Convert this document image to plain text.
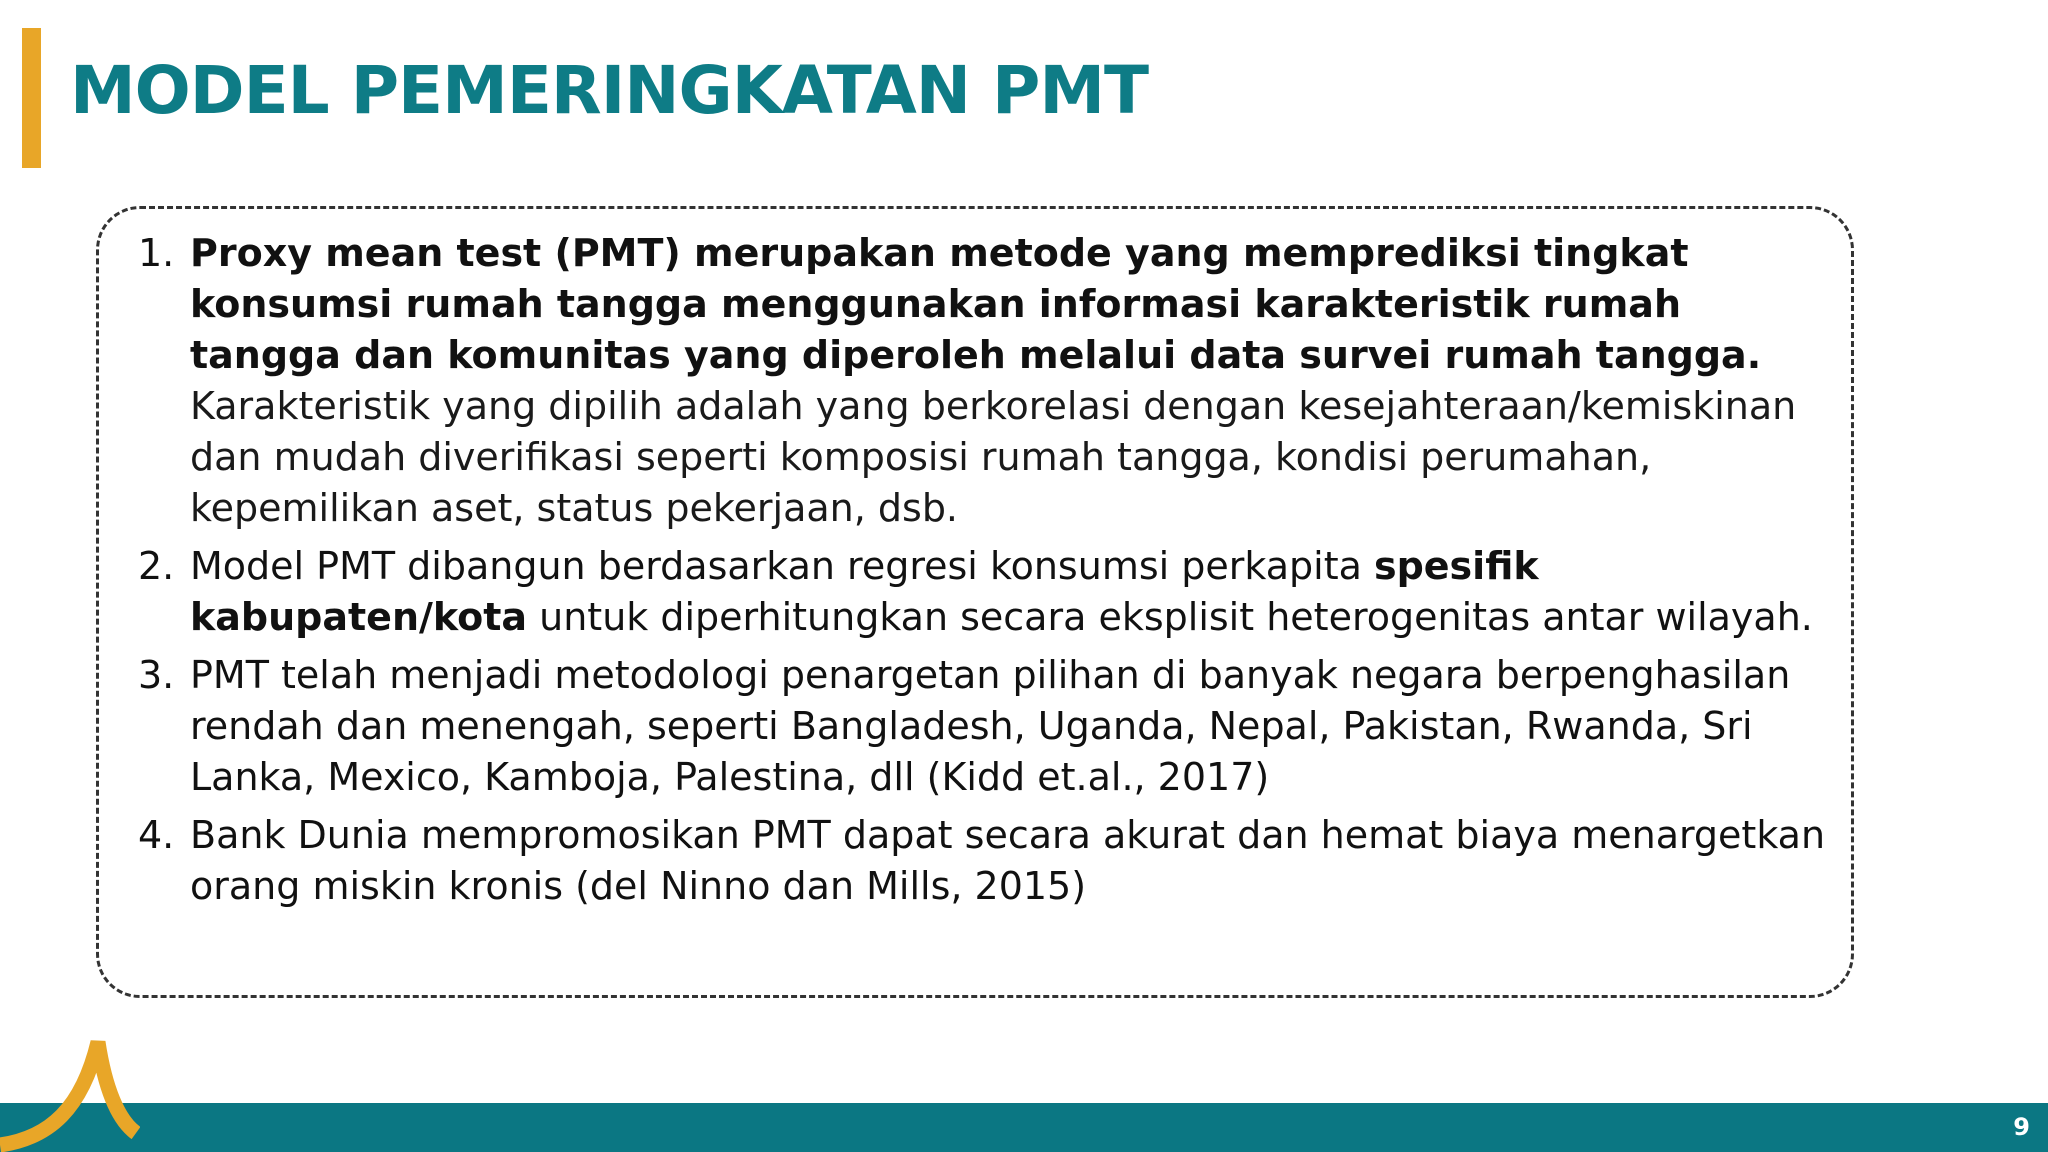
MODEL PEMERINGKATAN PMT
1. Proxy mean test (PMT) merupakan metode yang memprediksi tingkat konsumsi rumah tangga menggunakan informasi karakteristik rumah tangga dan komunitas yang diperoleh melalui data survei rumah tangga. Karakteristik yang dipilih adalah yang berkorelasi dengan kesejahteraan/kemiskinan dan mudah diverifikasi seperti komposisi rumah tangga, kondisi perumahan, kepemilikan aset, status pekerjaan, dsb.
2. Model PMT dibangun berdasarkan regresi konsumsi perkapita spesifik kabupaten/kota untuk diperhitungkan secara eksplisit heterogenitas antar wilayah.
3. PMT telah menjadi metodologi penargetan pilihan di banyak negara berpenghasilan rendah dan menengah, seperti Bangladesh, Uganda, Nepal, Pakistan, Rwanda, Sri Lanka, Mexico, Kamboja, Palestina, dll (Kidd et.al., 2017)
4. Bank Dunia mempromosikan PMT dapat secara akurat dan hemat biaya menargetkan orang miskin kronis (del Ninno dan Mills, 2015)
9
